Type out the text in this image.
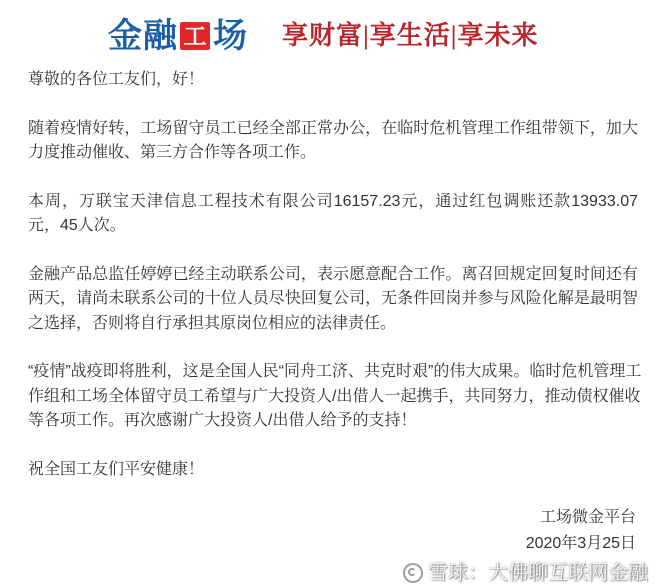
金融 工 场 享财富|享生活|享未来
尊敬的各位工友们，好！
随着疫情好转，工场留守员工已经全部正常办公，在临时危机管理工作组带领下，加大
力度推动催收、第三方合作等各项工作。
本周，万联宝天津信息工程技术有限公司16157.23元，通过红包调账还款13933.07
元，45人次。
金融产品总监任婷婷已经主动联系公司，表示愿意配合工作。离召回规定回复时间还有
两天，请尚未联系公司的十位人员尽快回复公司，无条件回岗并参与风险化解是最明智
之选择，否则将自行承担其原岗位相应的法律责任。
“疫情”战疫即将胜利，这是全国人民“同舟工济、共克时艰”的伟大成果。临时危机管理工
作组和工场全体留守员工希望与广大投资人/出借人一起携手，共同努力，推动债权催收
等各项工作。再次感谢广大投资人/出借人给予的支持！
祝全国工友们平安健康！
工场微金平台
2020年3月25日
雪球：大佛聊互联网金融
